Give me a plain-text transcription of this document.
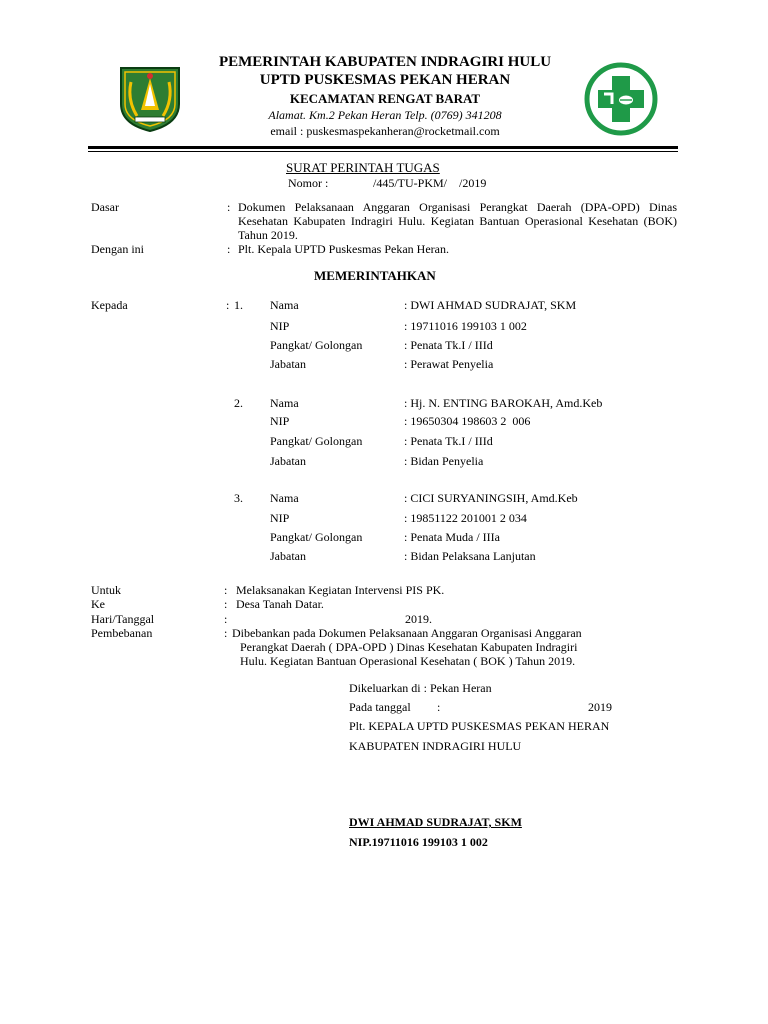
PEMERINTAH KABUPATEN INDRAGIRI HULU
UPTD PUSKESMAS PEKAN HERAN
KECAMATAN RENGAT BARAT
Alamat. Km.2 Pekan Heran Telp. (0769) 341208
email : puskesmaspekanheran@rocketmail.com
SURAT PERINTAH TUGAS
Nomor :	/445/TU-PKM/    /2019
Dasar	: Dokumen Pelaksanaan Anggaran Organisasi Perangkat Daerah (DPA-OPD) Dinas Kesehatan Kabupaten Indragiri Hulu. Kegiatan Bantuan Operasional Kesehatan (BOK) Tahun 2019.
Dengan ini	: Plt. Kepala UPTD Puskesmas Pekan Heran.
MEMERINTAHKAN
Kepada	: 1. Nama	: DWI AHMAD SUDRAJAT, SKM
NIP	: 19711016 199103 1 002
Pangkat/ Golongan	: Penata Tk.I / IIId
Jabatan	: Perawat Penyelia
2. Nama	: Hj. N. ENTING BAROKAH, Amd.Keb
NIP	: 19650304 198603 2  006
Pangkat/ Golongan	: Penata Tk.I / IIId
Jabatan	: Bidan Penyelia
3. Nama	: CICI SURYANINGSIH, Amd.Keb
NIP	: 19851122 201001 2 034
Pangkat/ Golongan	: Penata Muda / IIIa
Jabatan	: Bidan Pelaksana Lanjutan
Untuk	: Melaksanakan Kegiatan Intervensi PIS PK.
Ke	: Desa Tanah Datar.
Hari/Tanggal	:	2019.
Pembebanan	: Dibebankan pada Dokumen Pelaksanaan Anggaran Organisasi Anggaran
Perangkat Daerah ( DPA-OPD ) Dinas Kesehatan Kabupaten Indragiri
Hulu. Kegiatan Bantuan Operasional Kesehatan ( BOK ) Tahun 2019.
Dikeluarkan di : Pekan Heran
Pada tanggal :	2019
Plt. KEPALA UPTD PUSKESMAS PEKAN HERAN
KABUPATEN INDRAGIRI HULU
DWI AHMAD SUDRAJAT, SKM
NIP.19711016 199103 1 002
